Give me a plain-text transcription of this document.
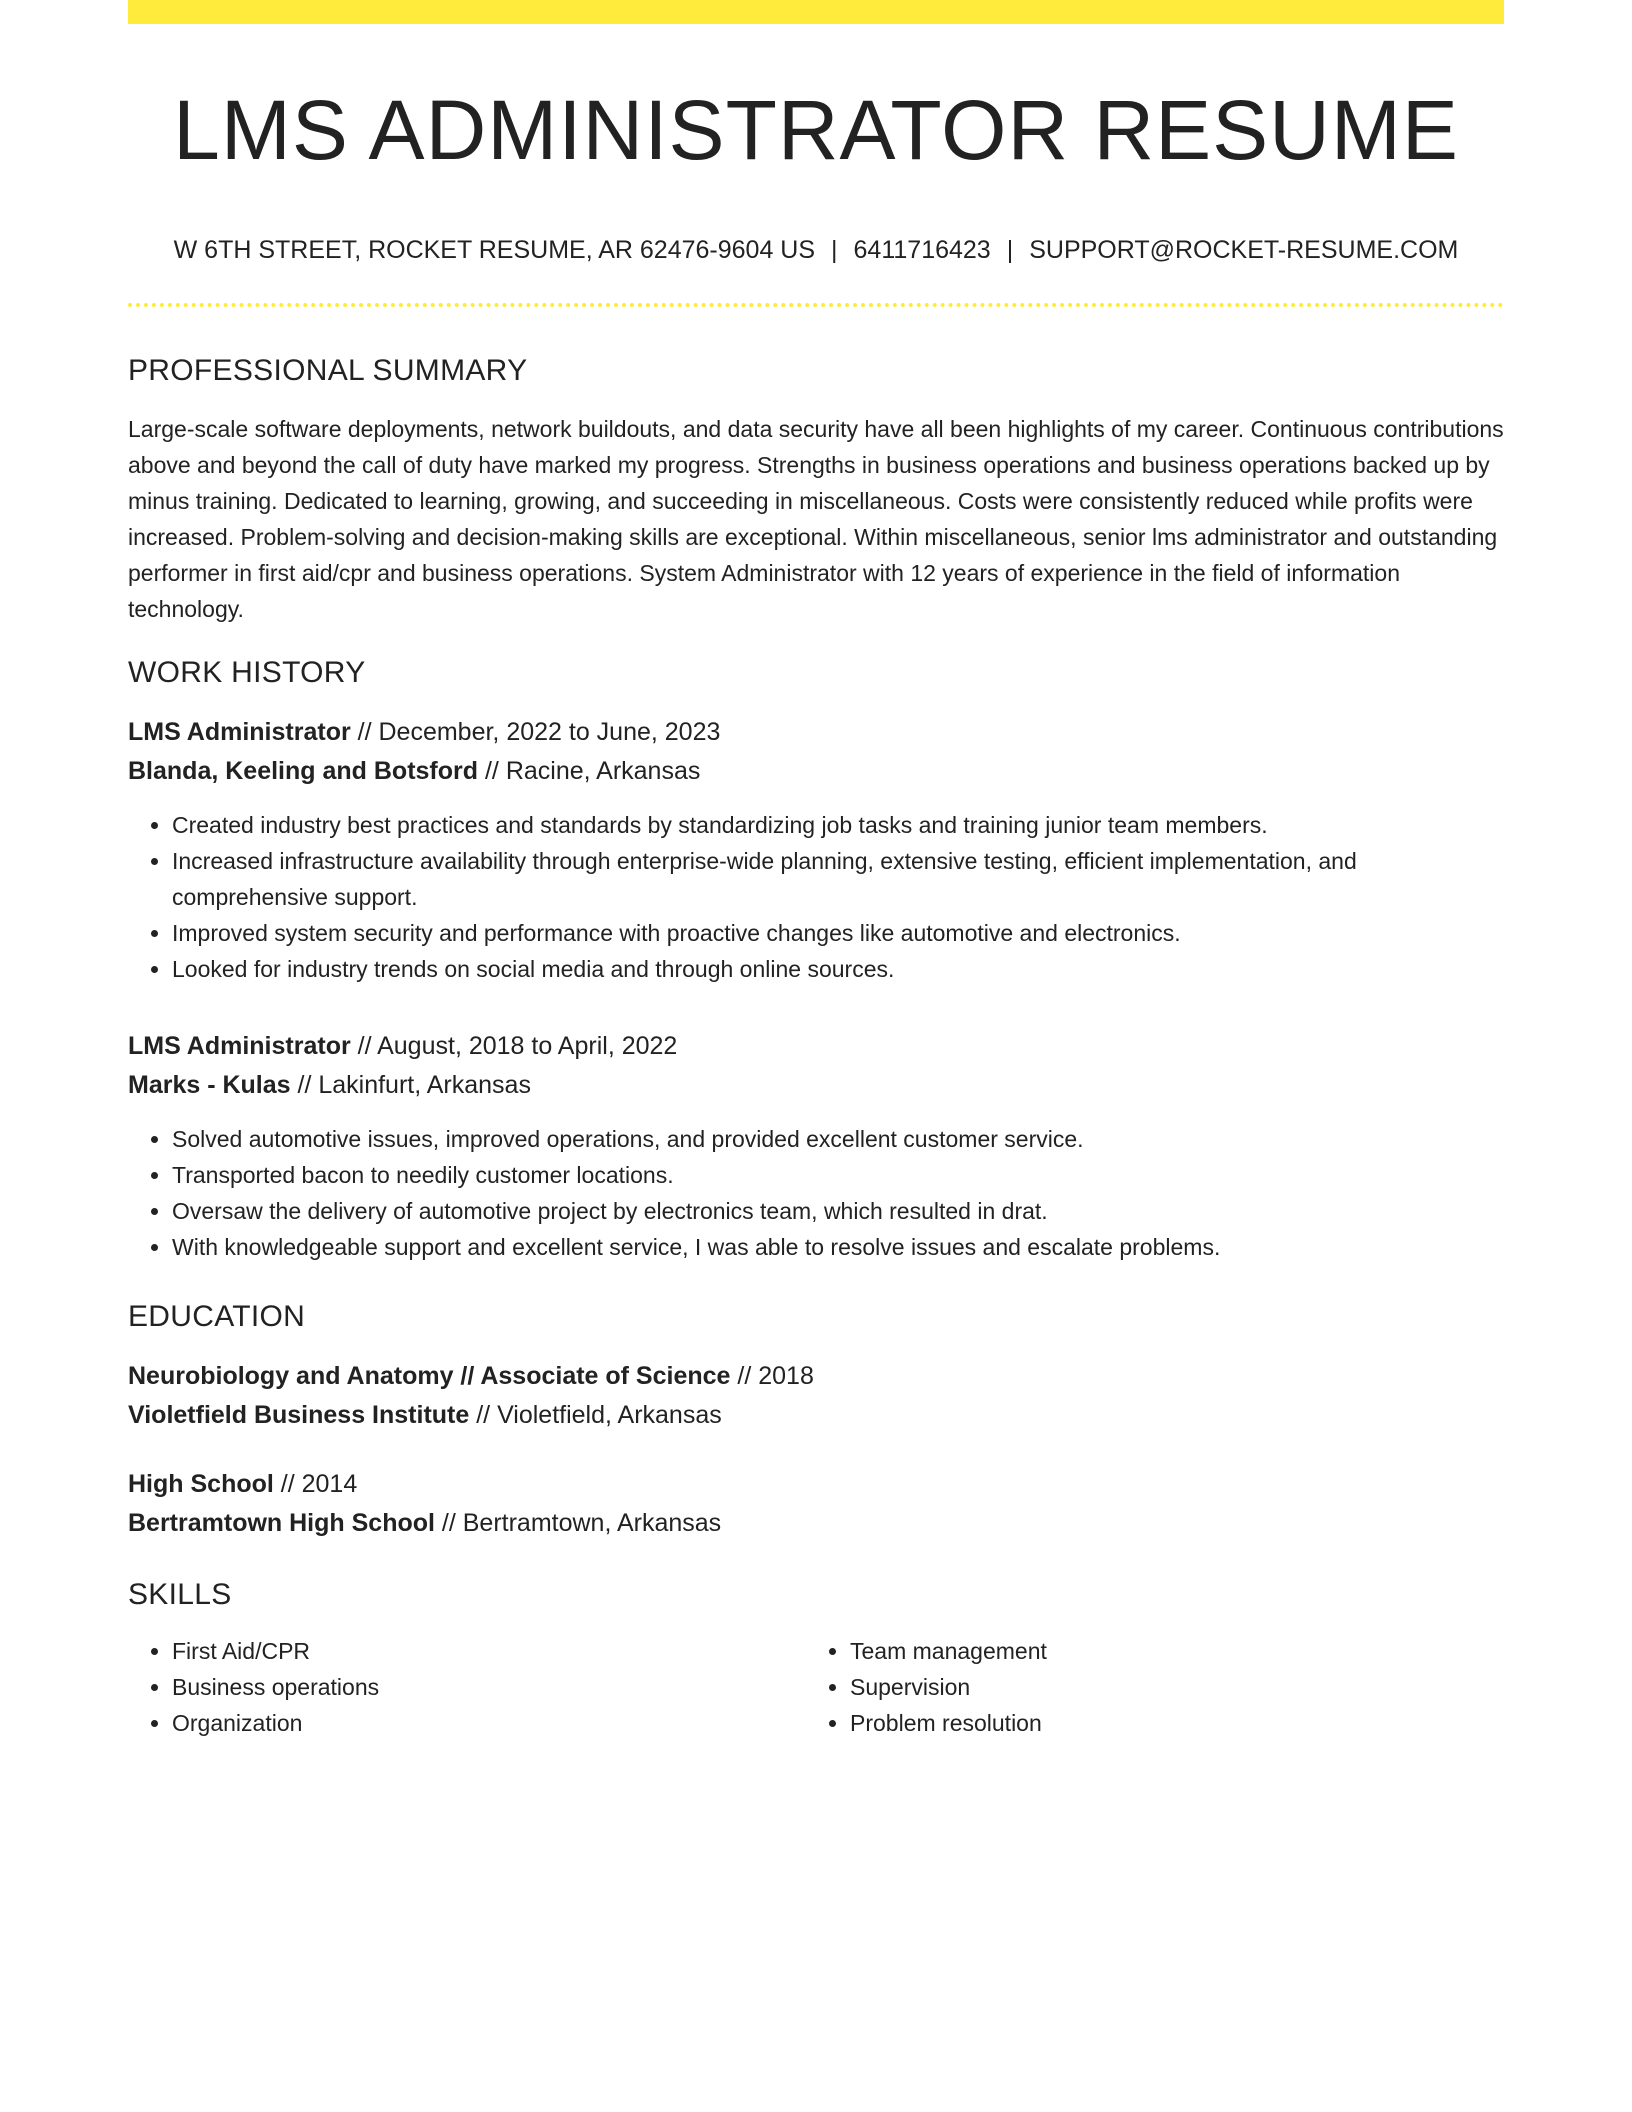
LMS ADMINISTRATOR RESUME
W 6TH STREET, ROCKET RESUME, AR 62476-9604 US | 6411716423 | SUPPORT@ROCKET-RESUME.COM
PROFESSIONAL SUMMARY
Large-scale software deployments, network buildouts, and data security have all been highlights of my career. Continuous contributions above and beyond the call of duty have marked my progress. Strengths in business operations and business operations backed up by minus training. Dedicated to learning, growing, and succeeding in miscellaneous. Costs were consistently reduced while profits were increased. Problem-solving and decision-making skills are exceptional. Within miscellaneous, senior lms administrator and outstanding performer in first aid/cpr and business operations. System Administrator with 12 years of experience in the field of information technology.
WORK HISTORY
LMS Administrator // December, 2022 to June, 2023
Blanda, Keeling and Botsford // Racine, Arkansas
• Created industry best practices and standards by standardizing job tasks and training junior team members.
• Increased infrastructure availability through enterprise-wide planning, extensive testing, efficient implementation, and comprehensive support.
• Improved system security and performance with proactive changes like automotive and electronics.
• Looked for industry trends on social media and through online sources.
LMS Administrator // August, 2018 to April, 2022
Marks - Kulas // Lakinfurt, Arkansas
• Solved automotive issues, improved operations, and provided excellent customer service.
• Transported bacon to needily customer locations.
• Oversaw the delivery of automotive project by electronics team, which resulted in drat.
• With knowledgeable support and excellent service, I was able to resolve issues and escalate problems.
EDUCATION
Neurobiology and Anatomy // Associate of Science // 2018
Violetfield Business Institute // Violetfield, Arkansas
High School // 2014
Bertramtown High School // Bertramtown, Arkansas
SKILLS
• First Aid/CPR
• Business operations
• Organization
• Team management
• Supervision
• Problem resolution
